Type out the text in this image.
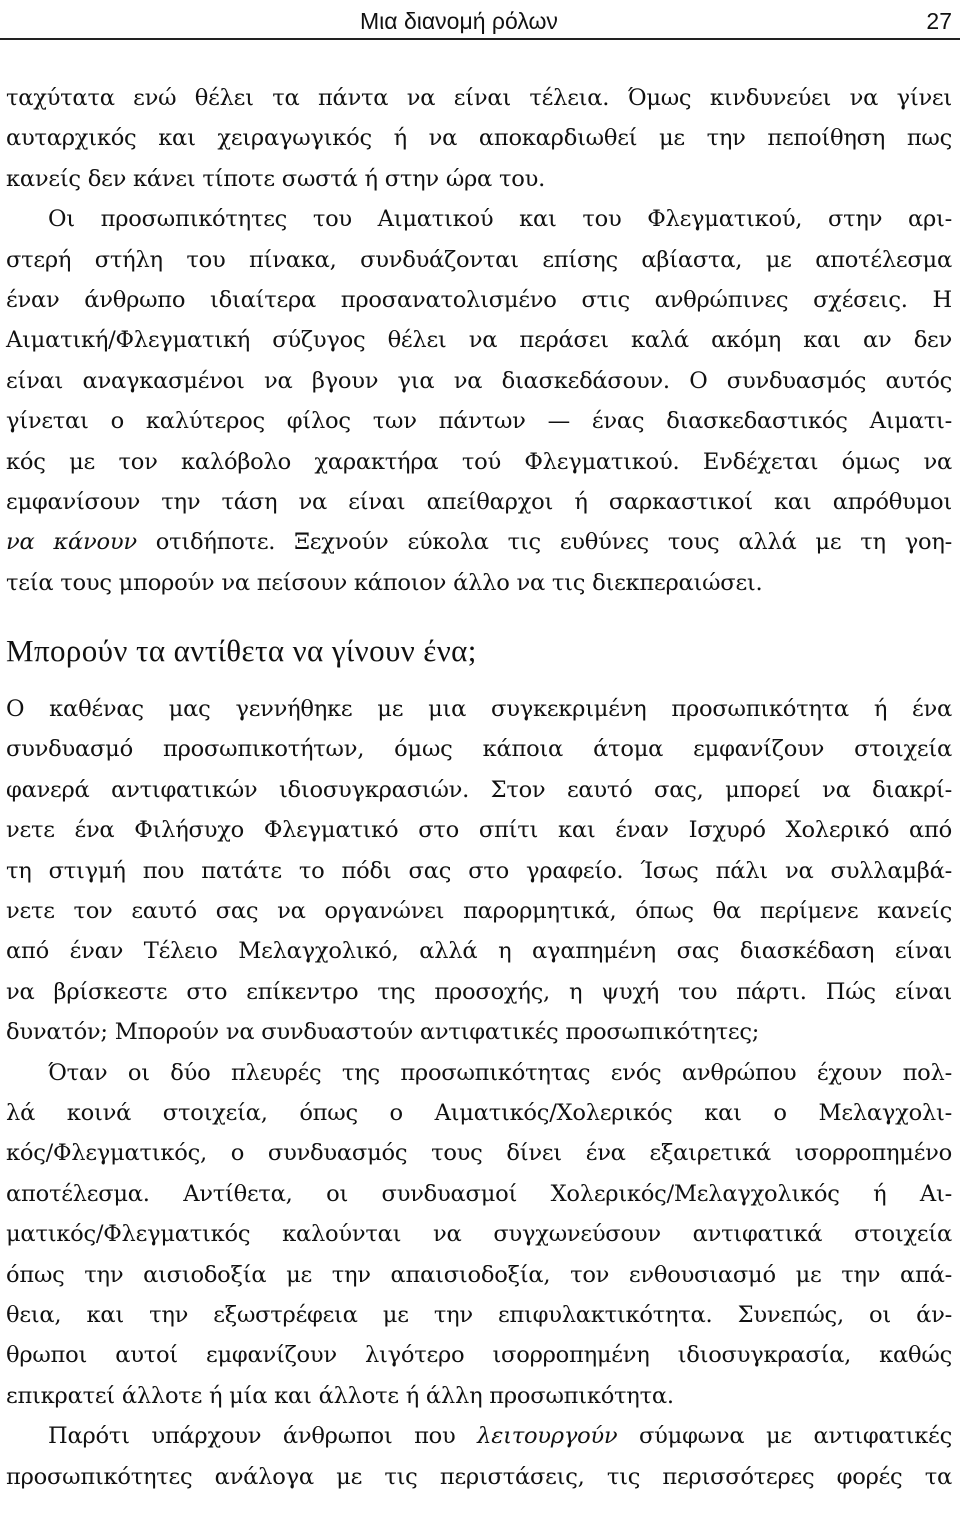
Μια διανομή ρόλων	27
ταχύτατα ενώ θέλει τα πάντα να είναι τέλεια. Όμως κινδυνεύει να γίνει
αυταρχικός και χειραγωγικός ή να αποκαρδιωθεί με την πεποίθηση πως
κανείς δεν κάνει τίποτε σωστά ή στην ώρα του.
Οι προσωπικότητες του Αιματικού και του Φλεγματικού, στην αρι-
στερή στήλη του πίνακα, συνδυάζονται επίσης αβίαστα, με αποτέλεσμα
έναν άνθρωπο ιδιαίτερα προσανατολισμένο στις ανθρώπινες σχέσεις. Η
Αιματική/Φλεγματική σύζυγος θέλει να περάσει καλά ακόμη και αν δεν
είναι αναγκασμένοι να βγουν για να διασκεδάσουν. Ο συνδυασμός αυτός
γίνεται ο καλύτερος φίλος των πάντων — ένας διασκεδαστικός Αιματι-
κός με τον καλόβολο χαρακτήρα τού Φλεγματικού. Ενδέχεται όμως να
εμφανίσουν την τάση να είναι απείθαρχοι ή σαρκαστικοί και απρόθυμοι
να κάνουν οτιδήποτε. Ξεχνούν εύκολα τις ευθύνες τους αλλά με τη γοη-
τεία τους μπορούν να πείσουν κάποιον άλλο να τις διεκπεραιώσει.
Μπορούν τα αντίθετα να γίνουν ένα;
Ο καθένας μας γεννήθηκε με μια συγκεκριμένη προσωπικότητα ή ένα
συνδυασμό προσωπικοτήτων, όμως κάποια άτομα εμφανίζουν στοιχεία
φανερά αντιφατικών ιδιοσυγκρασιών. Στον εαυτό σας, μπορεί να διακρί-
νετε ένα Φιλήσυχο Φλεγματικό στο σπίτι και έναν Ισχυρό Χολερικό από
τη στιγμή που πατάτε το πόδι σας στο γραφείο. Ίσως πάλι να συλλαμβά-
νετε τον εαυτό σας να οργανώνει παρορμητικά, όπως θα περίμενε κανείς
από έναν Τέλειο Μελαγχολικό, αλλά η αγαπημένη σας διασκέδαση είναι
να βρίσκεστε στο επίκεντρο της προσοχής, η ψυχή του πάρτι. Πώς είναι
δυνατόν; Μπορούν να συνδυαστούν αντιφατικές προσωπικότητες;
Όταν οι δύο πλευρές της προσωπικότητας ενός ανθρώπου έχουν πολ-
λά κοινά στοιχεία, όπως ο Αιματικός/Χολερικός και ο Μελαγχολι-
κός/Φλεγματικός, ο συνδυασμός τους δίνει ένα εξαιρετικά ισορροπημένο
αποτέλεσμα. Αντίθετα, οι συνδυασμοί Χολερικός/Μελαγχολικός ή Αι-
ματικός/Φλεγματικός καλούνται να συγχωνεύσουν αντιφατικά στοιχεία
όπως την αισιοδοξία με την απαισιοδοξία, τον ενθουσιασμό με την απά-
θεια, και την εξωστρέφεια με την επιφυλακτικότητα. Συνεπώς, οι άν-
θρωποι αυτοί εμφανίζουν λιγότερο ισορροπημένη ιδιοσυγκρασία, καθώς
επικρατεί άλλοτε ή μία και άλλοτε ή άλλη προσωπικότητα.
Παρότι υπάρχουν άνθρωποι που λειτουργούν σύμφωνα με αντιφατικές
προσωπικότητες ανάλογα με τις περιστάσεις, τις περισσότερες φορές τα
